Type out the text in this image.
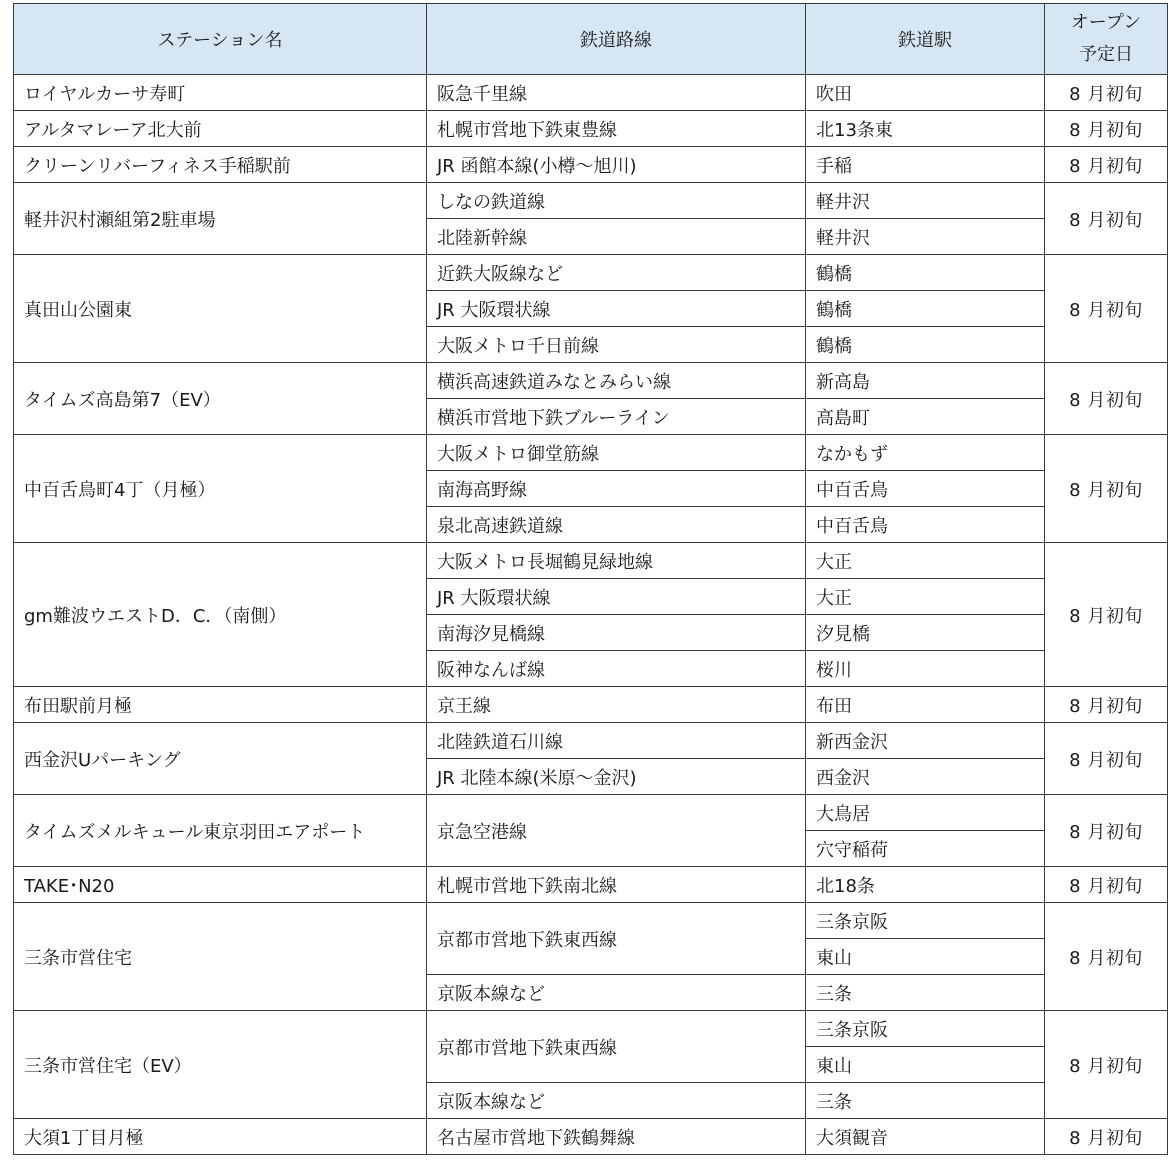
ステーション名	鉄道路線	鉄道駅	オープン
予定日

ロイヤルカーサ寿町	阪急千里線	吹田	8 月初旬
アルタマレーア北大前	札幌市営地下鉄東豊線	北13条東	8 月初旬
クリーンリバーフィネス手稲駅前	JR 函館本線(小樽～旭川)	手稲	8 月初旬
軽井沢村瀬組第2駐車場	しなの鉄道線	軽井沢	8 月初旬
	北陸新幹線	軽井沢	
真田山公園東	近鉄大阪線など	鶴橋	8 月初旬
	JR 大阪環状線	鶴橋	
	大阪メトロ千日前線	鶴橋	
タイムズ高島第7（EV）	横浜高速鉄道みなとみらい線	新高島	8 月初旬
	横浜市営地下鉄ブルーライン	高島町	
中百舌鳥町4丁（月極）	大阪メトロ御堂筋線	なかもず	8 月初旬
	南海高野線	中百舌鳥	
	泉北高速鉄道線	中百舌鳥	
gm難波ウエストD．C．（南側）	大阪メトロ長堀鶴見緑地線	大正	8 月初旬
	JR 大阪環状線	大正	
	南海汐見橋線	汐見橋	
	阪神なんば線	桜川	
布田駅前月極	京王線	布田	8 月初旬
西金沢Uパーキング	北陸鉄道石川線	新西金沢	8 月初旬
	JR 北陸本線(米原～金沢)	西金沢	
タイムズメルキュール東京羽田エアポート	京急空港線	大鳥居	8 月初旬
		穴守稲荷	
TAKE･N20	札幌市営地下鉄南北線	北18条	8 月初旬
三条市営住宅	京都市営地下鉄東西線	三条京阪	8 月初旬
		東山	
	京阪本線など	三条	
三条市営住宅（EV）	京都市営地下鉄東西線	三条京阪	8 月初旬
		東山	
	京阪本線など	三条	
大須1丁目月極	名古屋市営地下鉄鶴舞線	大須観音	8 月初旬
